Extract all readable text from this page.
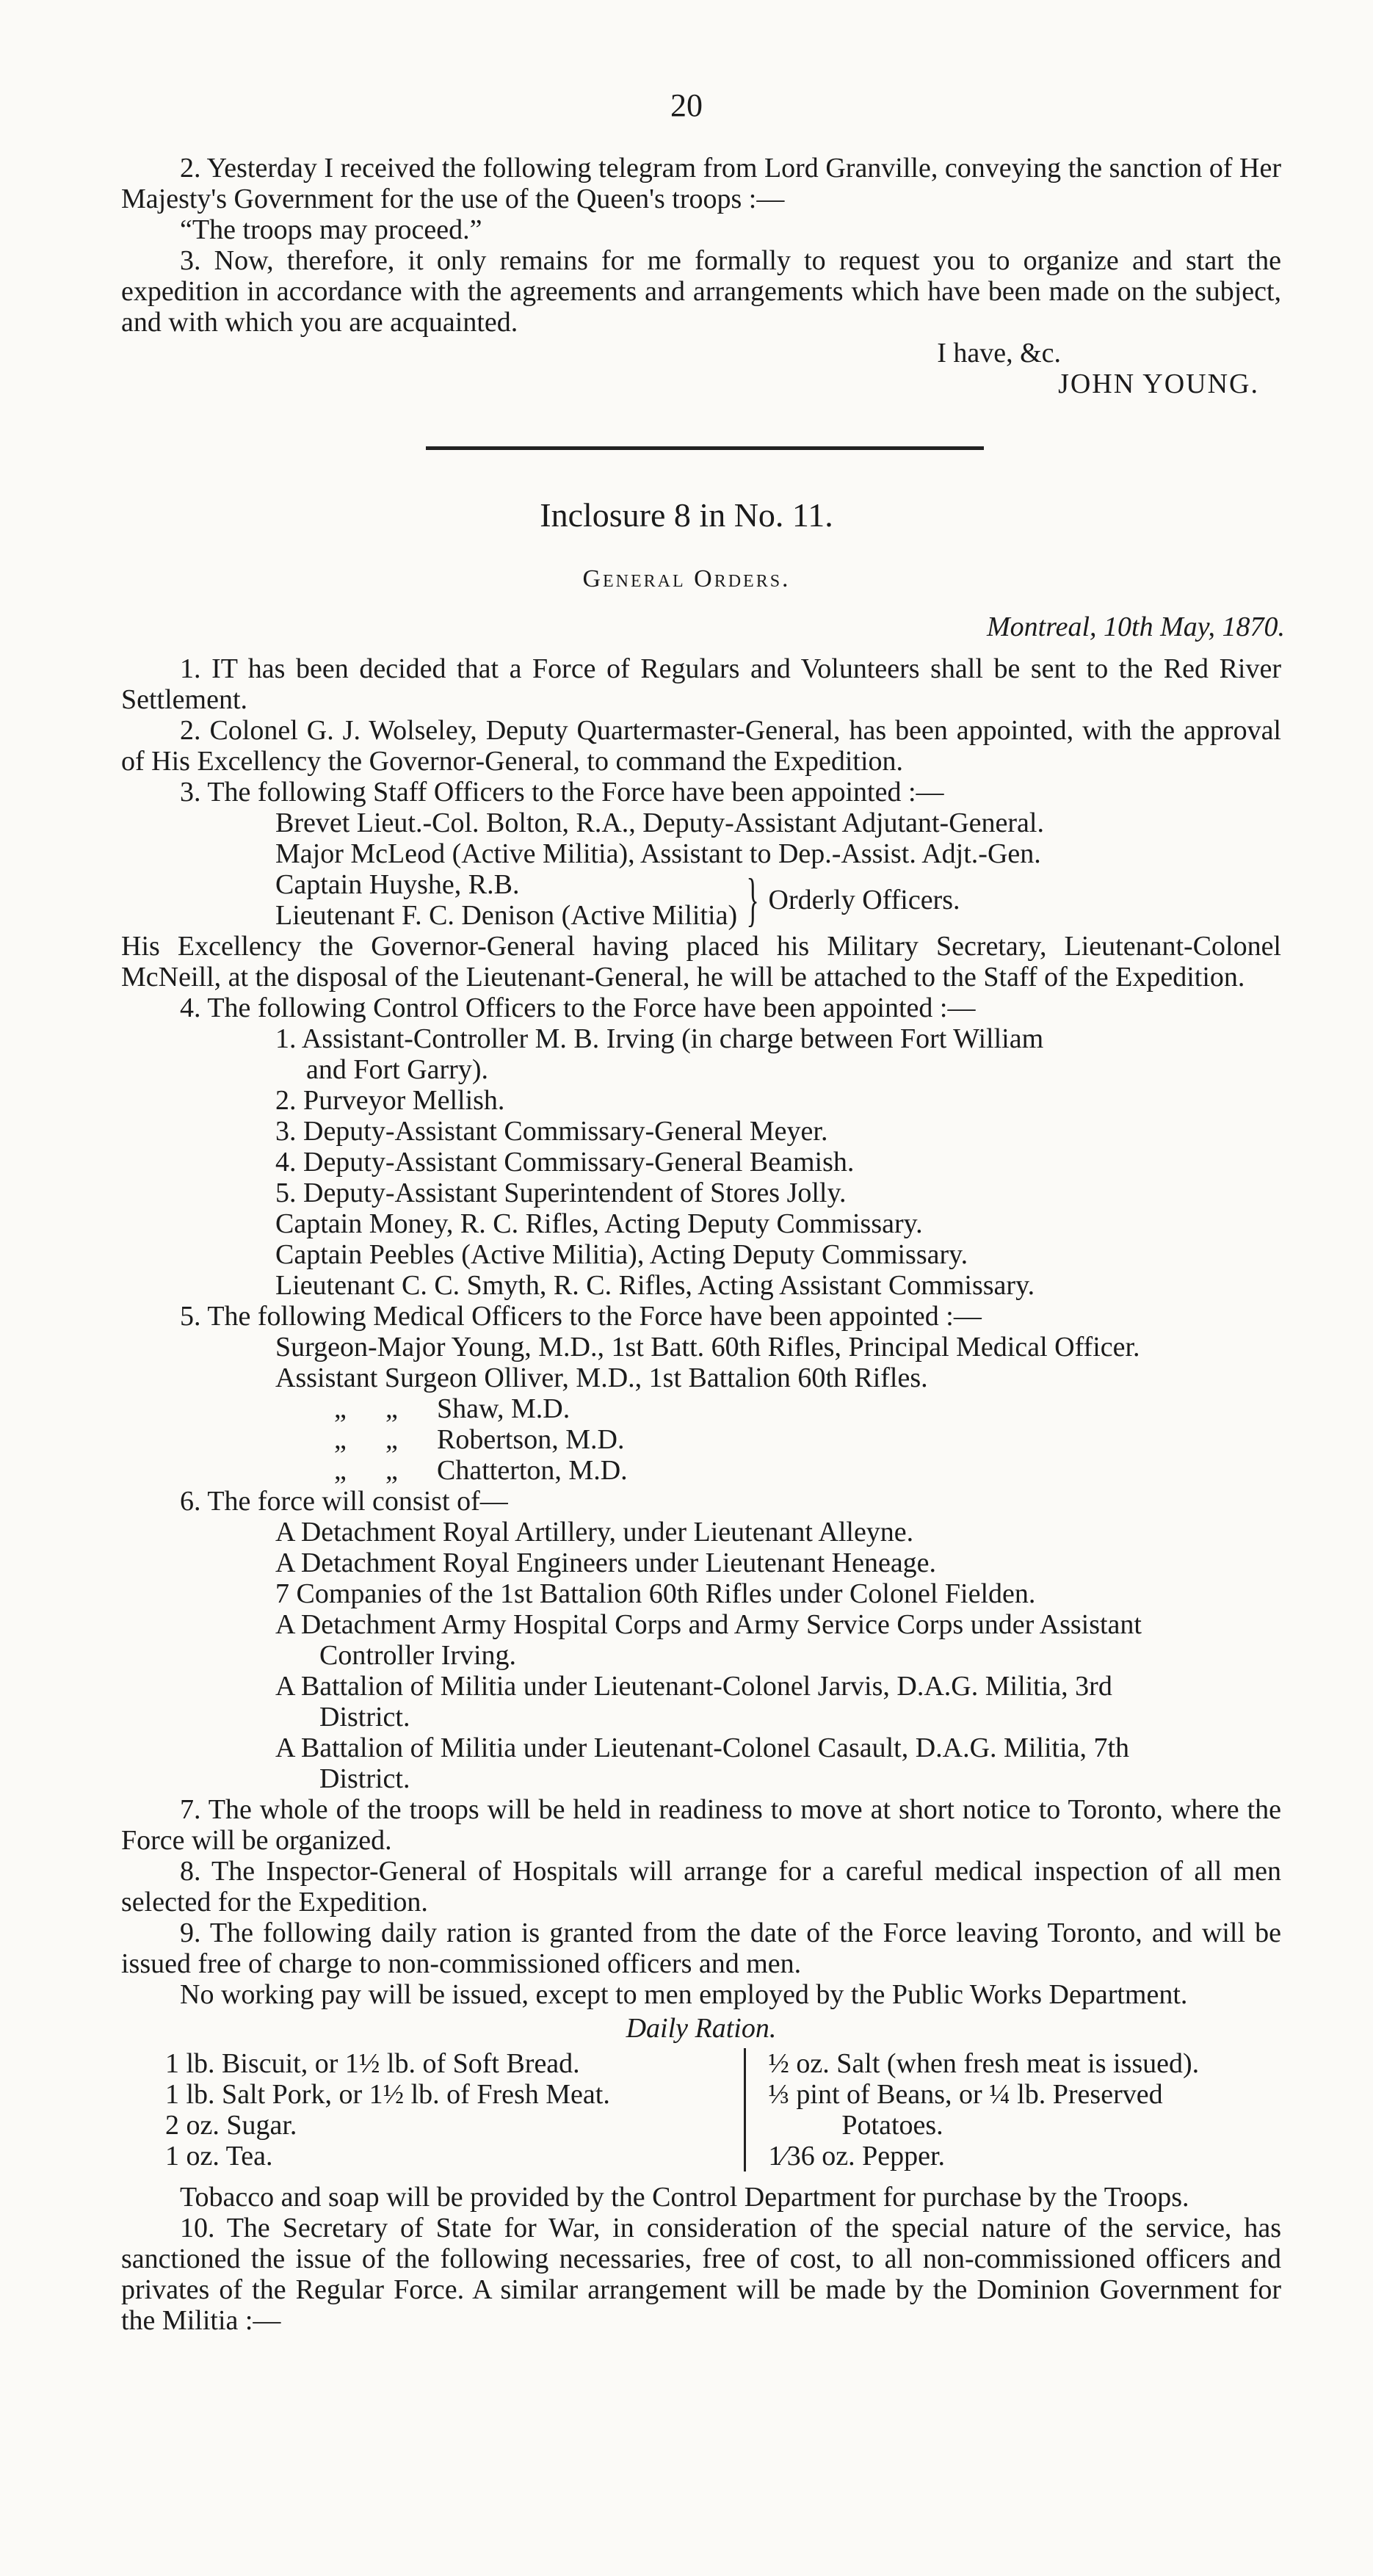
20

2. Yesterday I received the following telegram from Lord Granville, conveying the sanction of Her Majesty's Government for the use of the Queen's troops :—

“The troops may proceed.”

3. Now, therefore, it only remains for me formally to request you to organize and start the expedition in accordance with the agreements and arrangements which have been made on the subject, and with which you are acquainted.

I have, &c.

JOHN YOUNG.

Inclosure 8 in No. 11.
General Orders.
Montreal, 10th May, 1870.

1. IT has been decided that a Force of Regulars and Volunteers shall be sent to the Red River Settlement.

2. Colonel G. J. Wolseley, Deputy Quartermaster-General, has been appointed, with the approval of His Excellency the Governor-General, to command the Expedition.

3. The following Staff Officers to the Force have been appointed :—

Brevet Lieut.-Col. Bolton, R.A., Deputy-Assistant Adjutant-General.

Major McLeod (Active Militia), Assistant to Dep.-Assist. Adjt.-Gen.

Captain Huyshe, R.B.
Lieutenant F. C. Denison (Active Militia) } Orderly Officers.

His Excellency the Governor-General having placed his Military Secretary, Lieutenant-Colonel McNeill, at the disposal of the Lieutenant-General, he will be attached to the Staff of the Expedition.

4. The following Control Officers to the Force have been appointed :—

1. Assistant-Controller M. B. Irving (in charge between Fort William

and Fort Garry).

2. Purveyor Mellish.

3. Deputy-Assistant Commissary-General Meyer.

4. Deputy-Assistant Commissary-General Beamish.

5. Deputy-Assistant Superintendent of Stores Jolly.

Captain Money, R. C. Rifles, Acting Deputy Commissary.

Captain Peebles (Active Militia), Acting Deputy Commissary.

Lieutenant C. C. Smyth, R. C. Rifles, Acting Assistant Commissary.

5. The following Medical Officers to the Force have been appointed :—

Surgeon-Major Young, M.D., 1st Batt. 60th Rifles, Principal Medical Officer.

Assistant Surgeon Olliver, M.D., 1st Battalion 60th Rifles.

„ „ Shaw, M.D.

„ „ Robertson, M.D.

„ „ Chatterton, M.D.

6. The force will consist of—

A Detachment Royal Artillery, under Lieutenant Alleyne.

A Detachment Royal Engineers under Lieutenant Heneage.

7 Companies of the 1st Battalion 60th Rifles under Colonel Fielden.

A Detachment Army Hospital Corps and Army Service Corps under Assistant

Controller Irving.

A Battalion of Militia under Lieutenant-Colonel Jarvis, D.A.G. Militia, 3rd

District.

A Battalion of Militia under Lieutenant-Colonel Casault, D.A.G. Militia, 7th

District.

7. The whole of the troops will be held in readiness to move at short notice to Toronto, where the Force will be organized.

8. The Inspector-General of Hospitals will arrange for a careful medical inspection of all men selected for the Expedition.

9. The following daily ration is granted from the date of the Force leaving Toronto, and will be issued free of charge to non-commissioned officers and men.

No working pay will be issued, except to men employed by the Public Works Department.

Daily Ration.

1 lb. Biscuit, or 1½ lb. of Soft Bread.
1 lb. Salt Pork, or 1½ lb. of Fresh Meat.
2 oz. Sugar.
1 oz. Tea.
½ oz. Salt (when fresh meat is issued).
⅓ pint of Beans, or ¼ lb. Preserved
Potatoes.
1⁄36 oz. Pepper.

Tobacco and soap will be provided by the Control Department for purchase by the Troops.

10. The Secretary of State for War, in consideration of the special nature of the service, has sanctioned the issue of the following necessaries, free of cost, to all non-commissioned officers and privates of the Regular Force. A similar arrangement will be made by the Dominion Government for the Militia :—
